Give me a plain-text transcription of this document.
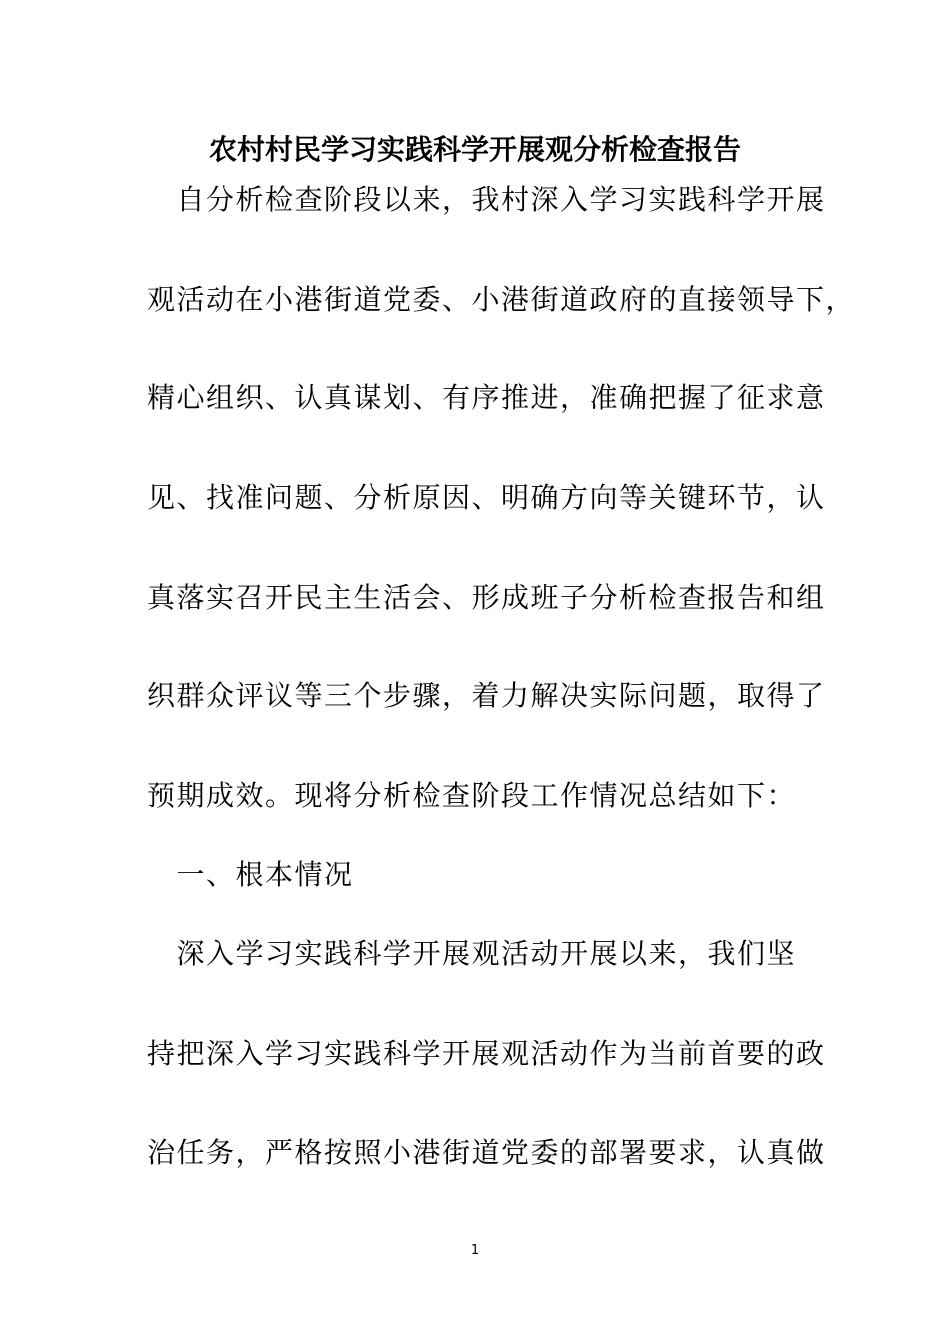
农村村民学习实践科学开展观分析检查报告

　自分析检查阶段以来，我村深入学习实践科学开展

观活动在小港街道党委、小港街道政府的直接领导下，

精心组织、认真谋划、有序推进，准确把握了征求意

见、找准问题、分析原因、明确方向等关键环节，认

真落实召开民主生活会、形成班子分析检查报告和组

织群众评议等三个步骤，着力解决实际问题，取得了

预期成效。现将分析检查阶段工作情况总结如下：

　一、根本情况

　深入学习实践科学开展观活动开展以来，我们坚

持把深入学习实践科学开展观活动作为当前首要的政

治任务，严格按照小港街道党委的部署要求，认真做

1
